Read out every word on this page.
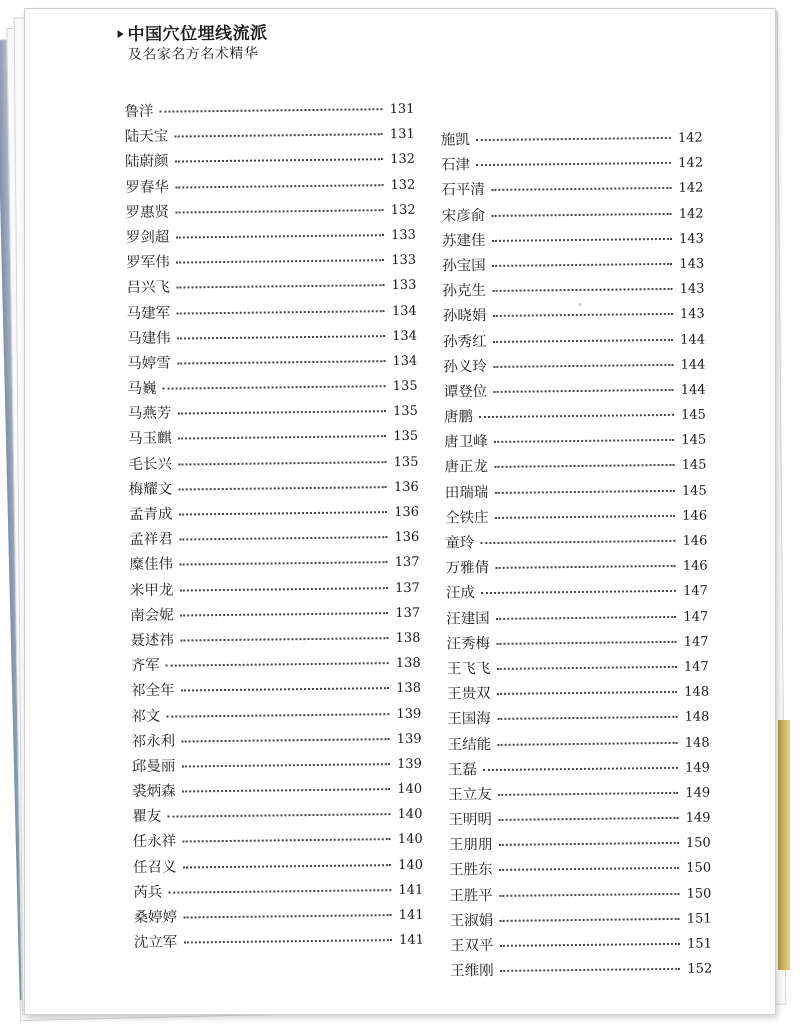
中国穴位埋线流派
及名家名方名术精华
鲁洋	131
陆天宝	131
陆蔚颜	132
罗春华	132
罗惠贤	132
罗剑超	133
罗军伟	133
吕兴飞	133
马建军	134
马建伟	134
马婷雪	134
马巍	135
马燕芳	135
马玉麒	135
毛长兴	135
梅耀文	136
孟青成	136
孟祥君	136
糜佳伟	137
米甲龙	137
南会妮	137
聂述祎	138
齐军	138
祁全年	138
祁文	139
祁永利	139
邱曼丽	139
裘炳森	140
瞿友	140
任永祥	140
任召义	140
芮兵	141
桑婷婷	141
沈立军	141
施凯	142
石津	142
石平清	142
宋彦俞	142
苏建佳	143
孙宝国	143
孙克生	143
孙晓娟	143
孙秀红	144
孙义玲	144
谭登位	144
唐鹏	145
唐卫峰	145
唐正龙	145
田瑞瑞	145
仝铁庄	146
童玲	146
万雅倩	146
汪成	147
汪建国	147
汪秀梅	147
王飞飞	147
王贵双	148
王国海	148
王结能	148
王磊	149
王立友	149
王明明	149
王朋朋	150
王胜东	150
王胜平	150
王淑娟	151
王双平	151
王维刚	152
